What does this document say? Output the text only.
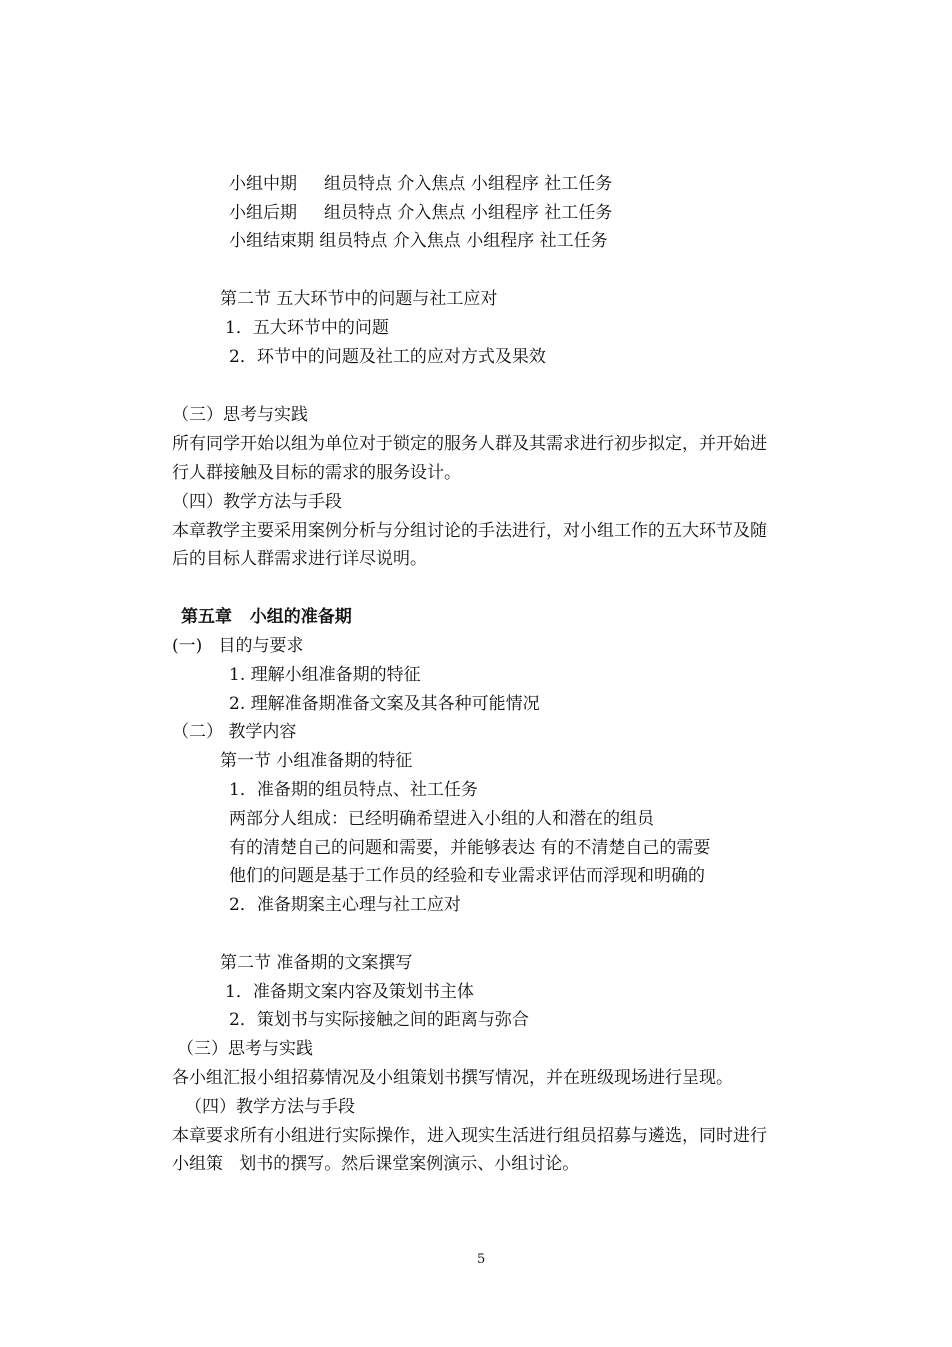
小组中期     组员特点 介入焦点 小组程序 社工任务
小组后期     组员特点 介入焦点 小组程序 社工任务
小组结束期 组员特点 介入焦点 小组程序 社工任务
第二节 五大环节中的问题与社工应对
1．五大环节中的问题
2．环节中的问题及社工的应对方式及果效
（三）思考与实践
所有同学开始以组为单位对于锁定的服务人群及其需求进行初步拟定，并开始进
行人群接触及目标的需求的服务设计。
（四）教学方法与手段
本章教学主要采用案例分析与分组讨论的手法进行，对小组工作的五大环节及随
后的目标人群需求进行详尽说明。
第五章   小组的准备期
(一)   目的与要求
1. 理解小组准备期的特征
2. 理解准备期准备文案及其各种可能情况
（二） 教学内容
第一节 小组准备期的特征
1．准备期的组员特点、社工任务
两部分人组成：已经明确希望进入小组的人和潜在的组员
有的清楚自己的问题和需要，并能够表达 有的不清楚自己的需要
他们的问题是基于工作员的经验和专业需求评估而浮现和明确的
2．准备期案主心理与社工应对
第二节 准备期的文案撰写
1．准备期文案内容及策划书主体
2．策划书与实际接触之间的距离与弥合
（三）思考与实践
各小组汇报小组招募情况及小组策划书撰写情况，并在班级现场进行呈现。
（四）教学方法与手段
本章要求所有小组进行实际操作，进入现实生活进行组员招募与遴选，同时进行
小组策   划书的撰写。然后课堂案例演示、小组讨论。
5
